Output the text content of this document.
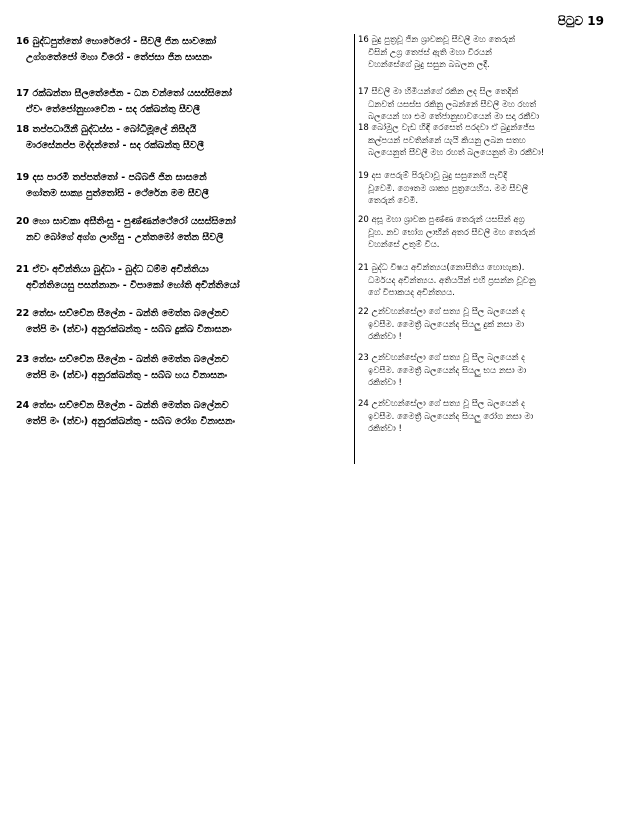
පිටුව 19
16 බුද්ධපුත්තෝ භොරේරෝ - සීවලී ජින සාවකෝ
උග්ගතේජෝ මහා වීරෝ - තේජසා ජින සාසනං
16 බුදු පුත්‍රවූ ජින ශ්‍රාවකවූ සීවලී මහ තෙරුන්
විසින් උග්‍ර තෙජස් ඇති මහා වීරයන්
වහන්සේගේ බුදු සසුන බබලන ලදී.
17 රක්ඛන්තා සීලතේජේන - ධන වන්තෝ යසස්සිනෝ
ඒවං තේජෝනුභාවේන - සද රක්ඛන්තු සීවලී
17 සීවලී මා හිමියන්ගේ රකින ලද සිල තෙදින්
ධනවත් යසස්ස රකිනු ලබන්නේ සීවලී මහ රහත්
බලයෙන් හා එම තේජානුභාවයෙන් මා සදා රකීවා
18 තප්පධායිනී බුද්ධස්ස - බෝධිමූලේ නිසීදයි
මාරසේනප්ප මද්දන්තෝ - සද රක්ඛන්තු සීවලී
18 බෝමුල වැඩ හිඳි රෙසෙත් පරදවා ඒ බුදුන්ජේස
කල්පයන් පවතින්නේ යැයි කියනු ලබන සතහ
බලයෙනුත් සීවලී මහ රහත් බලයෙනුත් මා රකීවා!
19 දස පාරමී තප්පත්තෝ - පබ්බජි ජින සාසනේ
ගෝතම සාක්‍ය පුත්තෝසි - ථේරේන මම සීවලී
19 දස පෙරුම් පිරුවාවූ බුදු සසුනෙහි පැවිදි
වූවෙමි. ගෞතම ශාක්‍ය පුත්‍රයෙහිය. මම සීවලී
තෙරුන් වෙමි.
20 හො සාවකා අසීතිංසු - පුණ්ණන්ථේරෝ යසස්සිනෝ
නව බෝගේ අග්ග ලාභිසු - උත්තමෝ තේන සීවලී
20 අසූ මහා ශ්‍රාවක පුණ්ණ තෙරුන් යසසින් අග්‍ර
වූහ. නව භෝග ලාභීන් අතර සීවලී මහ තෙරුන්
වහන්සේ උතුම් විය.
21 ඒවං අචින්තියා බුද්ධා - බුද්ධ ධම්ම අචින්තියා
අචින්තියෙසු පසන්නානං - විපාකෝ හෝති අචින්තියෝ
21 බුද්ධ විෂය අචින්ත්‍යය(නොසිතිය හොහැක).
ධර්මයද අචින්ත්‍යය. අතියයින් එහි ප්‍රසන්න වූවනු
ගේ විපාකයද අචින්ත්‍යය.
22 තේසං සච්චේන සීලේන - ඛන්ති මෙත්ත බලේනච
තේපි මං (ත්වං) අනුරක්ඛන්තු - සබ්බ දුක්ඛ විනාසනං
22 උන්වහන්සේලා ගේ සත්‍ය වූ සීල බලයෙන් ද
ඉවසීම. මෛත්‍රී බලයෙන්ද සියලු දුක් නසා මා
රකිත්වා !
23 තේසං සච්චේන සීලේන - ඛන්ති මෙත්ත බලේනච
තේපි මං (ත්වං) අනුරක්ඛන්තු - සබ්බ භය විනාසනං
23 උන්වහන්සේලා ගේ සත්‍ය වූ සීල බලයෙන් ද
ඉවසීම. මෛත්‍රී බලයෙන්ද සියලු භය නසා මා
රකිත්වා !
24 තේසං සච්චේන සීලේන - ඛන්ති මෙත්ත බලේනච
තේපි මං (ත්වං) අනුරක්ඛන්තු - සබ්බ රෝග විනාසනං
24 උන්වහන්සේලා ගේ සත්‍ය වූ සීල බලයෙන් ද
ඉවසීම. මෛත්‍රී බලයෙන්ද සියලු රෝග නසා මා
රකිත්වා !
